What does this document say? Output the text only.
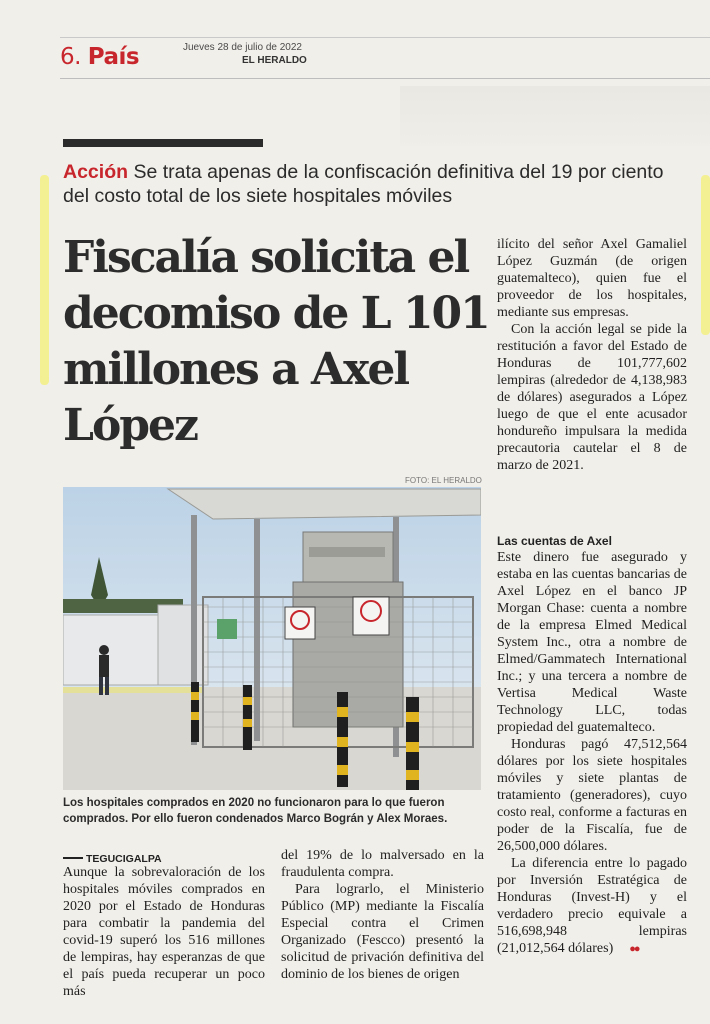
6. País	Jueves 28 de julio de 2022
EL HERALDO
Acción Se trata apenas de la confiscación definitiva del 19 por ciento del costo total de los siete hospitales móviles
Fiscalía solicita el decomiso de L 101 millones a Axel López
FOTO: EL HERALDO
Los hospitales comprados en 2020 no funcionaron para lo que fueron comprados. Por ello fueron condenados Marco Bográn y Alex Moraes.
TEGUCIGALPA

Aunque la sobrevaloración de los hospitales móviles comprados en 2020 por el Estado de Honduras para combatir la pandemia del covid-19 superó los 516 millones de lempiras, hay esperanzas de que el país pueda recuperar un poco más

del 19% de lo malversado en la fraudulenta compra.

Para lograrlo, el Ministerio Público (MP) mediante la Fiscalía Especial contra el Crimen Organizado (Fescco) presentó la solicitud de privación definitiva del dominio de los bienes de origen

ilícito del señor Axel Gamaliel López Guzmán (de origen guatemalteco), quien fue el proveedor de los hospitales, mediante sus empresas.

Con la acción legal se pide la restitución a favor del Estado de Honduras de 101,777,602 lempiras (alrededor de 4,138,983 de dólares) asegurados a López luego de que el ente acusador hondureño impulsara la medida precautoria cautelar el 8 de marzo de 2021.

Las cuentas de Axel

Este dinero fue asegurado y estaba en las cuentas bancarias de Axel López en el banco JP Morgan Chase: cuenta a nombre de la empresa Elmed Medical System Inc., otra a nombre de Elmed/Gammatech International Inc.; y una tercera a nombre de Vertisa Medical Waste Technology LLC, todas propiedad del guatemalteco.

Honduras pagó 47,512,564 dólares por los siete hospitales móviles y siete plantas de tratamiento (generadores), cuyo costo real, conforme a facturas en poder de la Fiscalía, fue de 26,500,000 dólares.

La diferencia entre lo pagado por Inversión Estratégica de Honduras (Invest-H) y el verdadero precio equivale a 516,698,948 lempiras (21,012,564 dólares) ●●
